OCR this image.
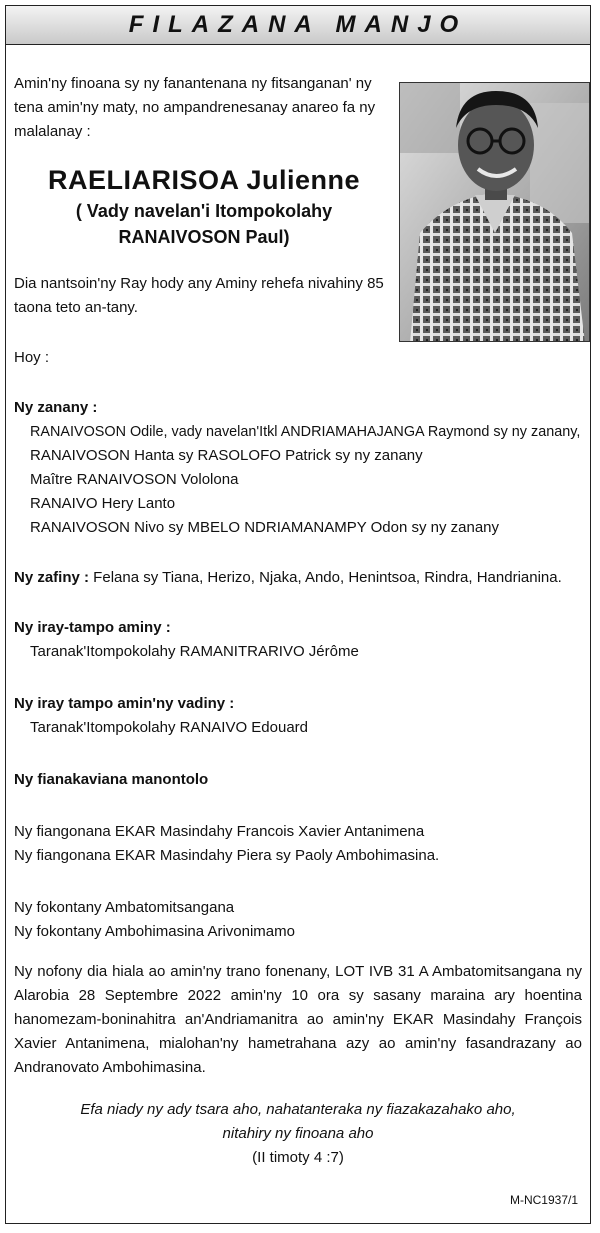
FILAZANA MANJO

Amin'ny finoana sy ny fanantenana ny fitsanganan' ny tena amin'ny maty, no ampandrenesanay anareo fa ny malalanay :

RAELIARISOA Julienne
( Vady navelan'i Itompokolahy
RANAIVOSON Paul)

Dia nantsoin'ny Ray hody any Aminy rehefa nivahiny 85 taona teto an-tany.

Hoy :

Ny zanany :

RANAIVOSON Odile, vady navelan'Itkl ANDRIAMAHAJANGA Raymond sy ny zanany,

RANAIVOSON Hanta sy RASOLOFO Patrick sy ny zanany

Maître RANAIVOSON Vololona

RANAIVO Hery Lanto

RANAIVOSON Nivo sy MBELO NDRIAMANAMPY Odon sy ny zanany

Ny zafiny : Felana sy Tiana, Herizo, Njaka, Ando, Henintsoa, Rindra, Handrianina.

Ny iray-tampo aminy :

Taranak'Itompokolahy RAMANITRARIVO Jérôme

Ny iray tampo amin'ny vadiny :

Taranak'Itompokolahy RANAIVO Edouard

Ny fianakaviana manontolo

Ny fiangonana EKAR Masindahy Francois Xavier Antanimena

Ny fiangonana EKAR Masindahy Piera sy Paoly Ambohimasina.

Ny fokontany Ambatomitsangana

Ny fokontany Ambohimasina Arivonimamo

Ny nofony dia hiala ao amin'ny trano fonenany, LOT IVB 31 A Ambatomitsangana ny Alarobia 28 Septembre 2022 amin'ny 10 ora sy sasany maraina ary hoentina hanomezam-boninahitra an'Andriamanitra ao amin'ny EKAR Masindahy François Xavier Antanimena, mialohan'ny hametrahana azy ao amin'ny fasandrazany ao Andranovato Ambohimasina.

Efa niady ny ady tsara aho, nahatanteraka ny fiazakazahako aho,

nitahiry ny finoana aho

(II timoty 4 :7)

M-NC1937/1
